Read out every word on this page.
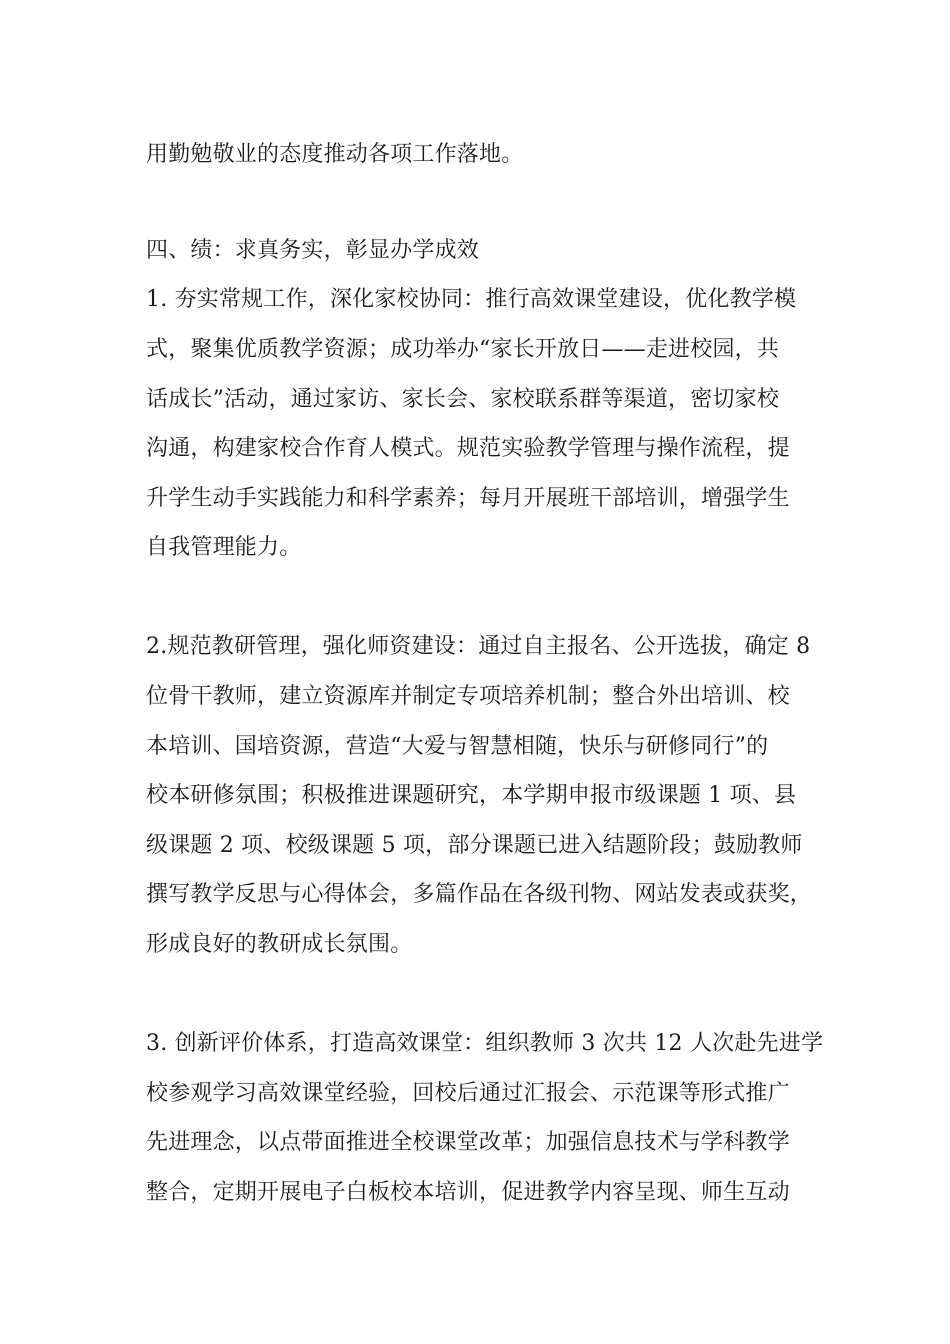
用勤勉敬业的态度推动各项工作落地。
四、绩：求真务实，彰显办学成效
1. 夯实常规工作，深化家校协同：推行高效课堂建设，优化教学模
式，聚集优质教学资源；成功举办“家长开放日——走进校园，共
话成长”活动，通过家访、家长会、家校联系群等渠道，密切家校
沟通，构建家校合作育人模式。规范实验教学管理与操作流程，提
升学生动手实践能力和科学素养；每月开展班干部培训，增强学生
自我管理能力。
2.规范教研管理，强化师资建设：通过自主报名、公开选拔，确定 8
位骨干教师，建立资源库并制定专项培养机制；整合外出培训、校
本培训、国培资源，营造“大爱与智慧相随，快乐与研修同行”的
校本研修氛围；积极推进课题研究，本学期申报市级课题 1 项、县
级课题 2 项、校级课题 5 项，部分课题已进入结题阶段；鼓励教师
撰写教学反思与心得体会，多篇作品在各级刊物、网站发表或获奖，
形成良好的教研成长氛围。
3. 创新评价体系，打造高效课堂：组织教师 3 次共 12 人次赴先进学
校参观学习高效课堂经验，回校后通过汇报会、示范课等形式推广
先进理念，以点带面推进全校课堂改革；加强信息技术与学科教学
整合，定期开展电子白板校本培训，促进教学内容呈现、师生互动
